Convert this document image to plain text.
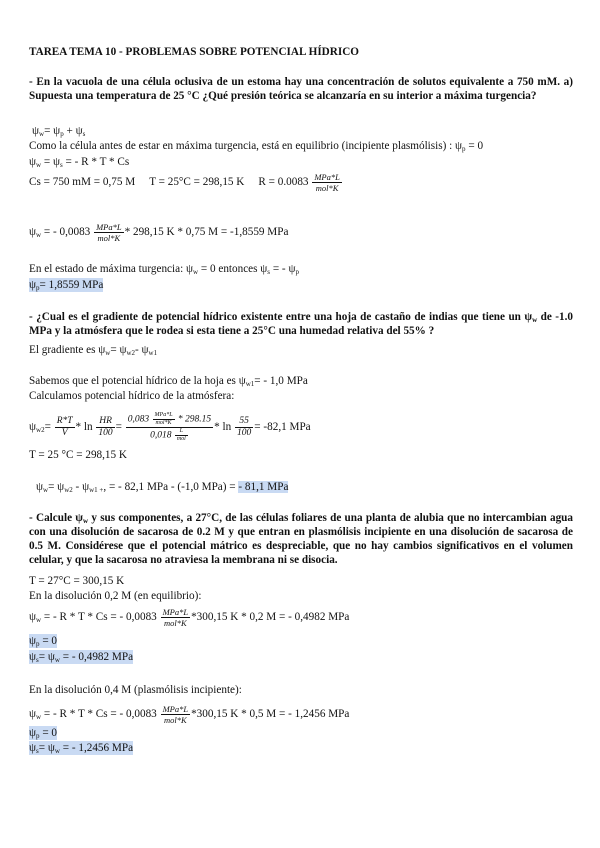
TAREA TEMA 10 - PROBLEMAS SOBRE POTENCIAL HÍDRICO
- En la vacuola de una célula oclusiva de un estoma hay una concentración de solutos equivalente a 750 mM. a) Supuesta una temperatura de 25 °C ¿Qué presión teórica se alcanzaría en su interior a máxima turgencia?
$\psi_w= \psi_p + \psi_s$
Como la célula antes de estar en máxima turgencia, está en equilibrio (incipiente plasmólisis) : $\psi_p = 0$
$\psi_w = \psi_s$ = - R * T * Cs
Cs = 750 mM = 0,75 M T = 25°C = 298,15 K $R = 0.0083 \frac{\text{MPa*L}}{\text{mol*K}}$
$\psi_w$ = - $0,0083 \frac{\text{MPa*L}}{\text{mol*K}} * 298,15$ K * 0,75 M = -1,8559 MPa
En el estado de máxima turgencia: $\psi_w = 0$ entonces $\psi_s$ = - $\psi_p$
$\psi_p= 1,8559$ MPa
- ¿Cual es el gradiente de potencial hídrico existente entre una hoja de castaño de indias que tiene un $\psi_w$ de -1.0 MPa y la atmósfera que le rodea si esta tiene a 25°C una humedad relativa del 55% ?
El gradiente es $\psi_w= \psi_{w2}-$ $\psi_{w1}$
Sabemos que el potencial hídrico de la hoja es $\psi_{w1}= - 1,0$ MPa
Calculamos potencial hídrico de la atmósfera:
$\psi_{w2}= \frac{R*T}{V} * \ln \frac{HR}{100} = \frac{0,083 \frac{\text{MPa*L}}{\text{mol*K}} * 298.15}{0,018 \frac{L}{\text{mol}}} * \ln \frac{55}{100} = -82,1$ MPa
T = 25 °C = 298,15 K
$\psi_w= \psi_{w2} - \psi_{w1 +}$, = - 82,1 MPa - (-1,0 MPa) = - 81,1 MPa
- Calcule $\psi_w$ y sus componentes, a 27°C, de las células foliares de una planta de alubia que no intercambian agua con una disolución de sacarosa de 0.2 M y que entran en plasmólisis incipiente en una disolución de sacarosa de 0.5 M. Considérese que el potencial mátrico es despreciable, que no hay cambios significativos en el volumen celular, y que la sacarosa no atraviesa la membrana ni se disocia.
T = 27°C = 300,15 K
En la disolución 0,2 M (en equilibrio):
$\psi_w$ = - R * T * Cs = - $0,0083 \frac{\text{MPa*L}}{\text{mol*K}} *300,15$ K * 0,2 M = - 0,4982 MPa
$\psi_p = 0$
$\psi_s= \psi_w$ = - 0,4982 MPa
En la disolución 0,4 M (plasmólisis incipiente):
$\psi_w$ = - R * T * Cs = - $0,0083 \frac{\text{MPa*L}}{\text{mol*K}} *300,15$ K * 0,5 M = - 1,2456 MPa
$\psi_p = 0$
$\psi_s= \psi_w$ = - 1,2456 MPa
